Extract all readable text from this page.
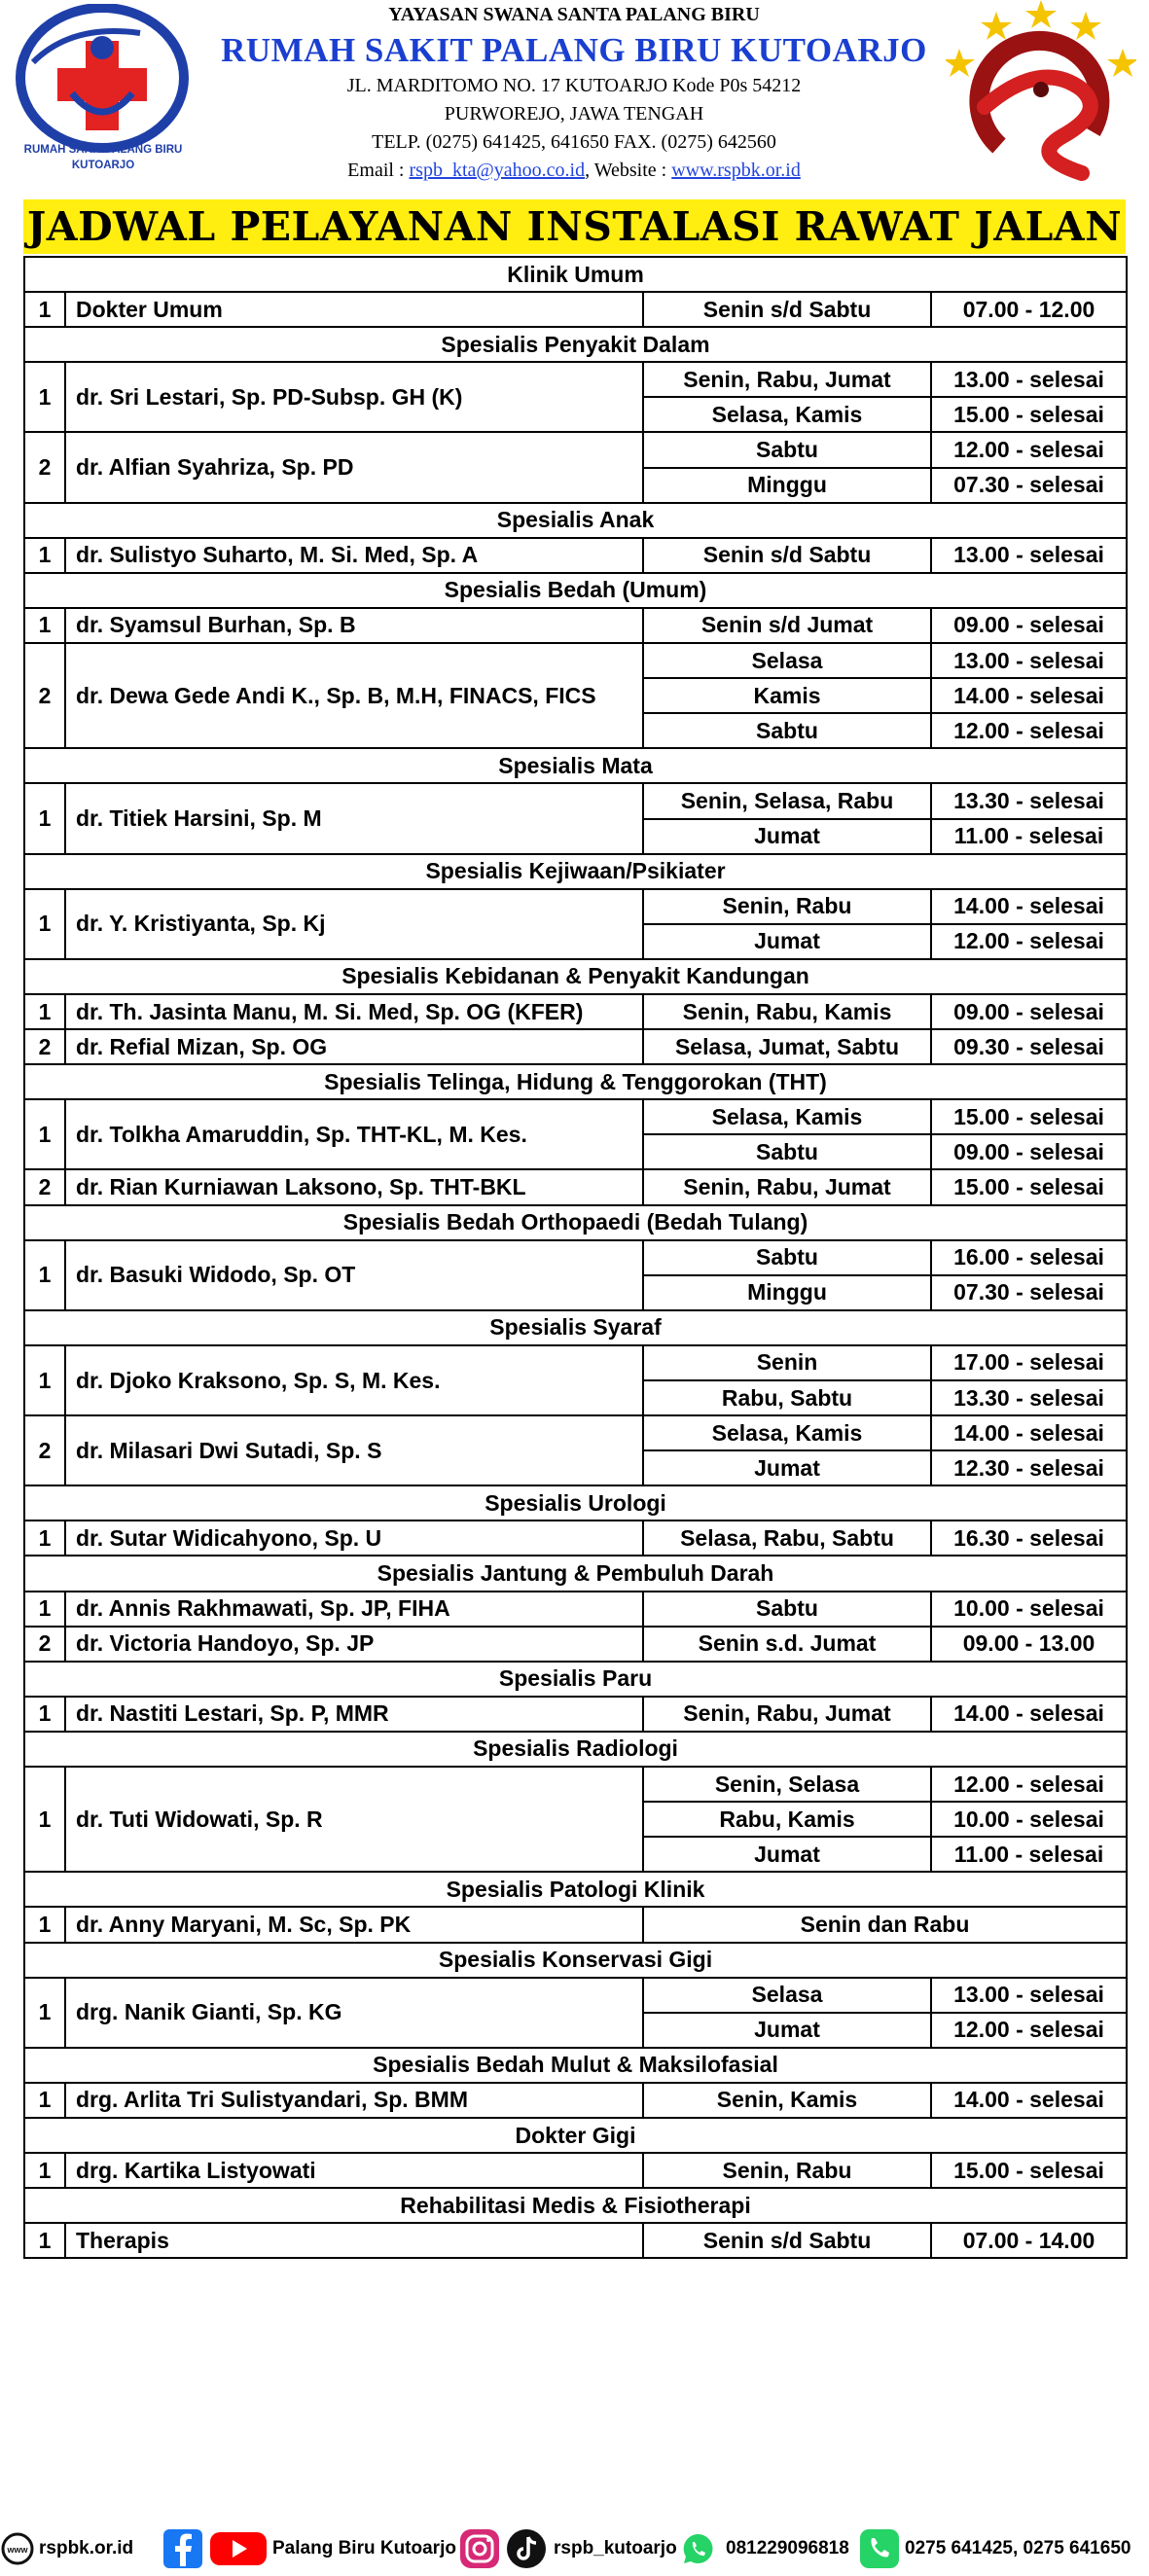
RUMAH SAKIT PALANG BIRU
KUTOARJO
YAYASAN SWANA SANTA PALANG BIRU
RUMAH SAKIT PALANG BIRU KUTOARJO
JL. MARDITOMO NO. 17 KUTOARJO Kode P0s 54212
PURWOREJO, JAWA TENGAH
TELP. (0275) 641425, 641650 FAX. (0275) 642560
Email : rspb_kta@yahoo.co.id, Website : www.rspbk.or.id
JADWAL PELAYANAN INSTALASI RAWAT JALAN
Klinik Umum			
1	Dokter Umum	Senin s/d Sabtu	07.00 - 12.00
Spesialis Penyakit Dalam			
1	dr. Sri Lestari, Sp. PD-Subsp. GH (K)	Senin, Rabu, Jumat	13.00 - selesai
		Selasa, Kamis	15.00 - selesai
2	dr. Alfian Syahriza, Sp. PD	Sabtu	12.00 - selesai
		Minggu	07.30 - selesai
Spesialis Anak			
1	dr. Sulistyo Suharto, M. Si. Med, Sp. A	Senin s/d Sabtu	13.00 - selesai
Spesialis Bedah (Umum)			
1	dr. Syamsul Burhan, Sp. B	Senin s/d Jumat	09.00 - selesai
2	dr. Dewa Gede Andi K., Sp. B, M.H, FINACS, FICS	Selasa	13.00 - selesai
		Kamis	14.00 - selesai
		Sabtu	12.00 - selesai
Spesialis Mata			
1	dr. Titiek Harsini, Sp. M	Senin, Selasa, Rabu	13.30 - selesai
		Jumat	11.00 - selesai
Spesialis Kejiwaan/Psikiater			
1	dr. Y. Kristiyanta, Sp. Kj	Senin, Rabu	14.00 - selesai
		Jumat	12.00 - selesai
Spesialis Kebidanan & Penyakit Kandungan			
1	dr. Th. Jasinta Manu, M. Si. Med, Sp. OG (KFER)	Senin, Rabu, Kamis	09.00 - selesai
2	dr. Refial Mizan, Sp. OG	Selasa, Jumat, Sabtu	09.30 - selesai
Spesialis Telinga, Hidung & Tenggorokan (THT)			
1	dr. Tolkha Amaruddin, Sp. THT-KL, M. Kes.	Selasa, Kamis	15.00 - selesai
		Sabtu	09.00 - selesai
2	dr. Rian Kurniawan Laksono, Sp. THT-BKL	Senin, Rabu, Jumat	15.00 - selesai
Spesialis Bedah Orthopaedi (Bedah Tulang)			
1	dr. Basuki Widodo, Sp. OT	Sabtu	16.00 - selesai
		Minggu	07.30 - selesai
Spesialis Syaraf			
1	dr. Djoko Kraksono, Sp. S, M. Kes.	Senin	17.00 - selesai
		Rabu, Sabtu	13.30 - selesai
2	dr. Milasari Dwi Sutadi, Sp. S	Selasa, Kamis	14.00 - selesai
		Jumat	12.30 - selesai
Spesialis Urologi			
1	dr. Sutar Widicahyono, Sp. U	Selasa, Rabu, Sabtu	16.30 - selesai
Spesialis Jantung & Pembuluh Darah			
1	dr. Annis Rakhmawati, Sp. JP, FIHA	Sabtu	10.00 - selesai
2	dr. Victoria Handoyo, Sp. JP	Senin s.d. Jumat	09.00 - 13.00
Spesialis Paru			
1	dr. Nastiti Lestari, Sp. P, MMR	Senin, Rabu, Jumat	14.00 - selesai
Spesialis Radiologi			
1	dr. Tuti Widowati, Sp. R	Senin, Selasa	12.00 - selesai
		Rabu, Kamis	10.00 - selesai
		Jumat	11.00 - selesai
Spesialis Patologi Klinik			
1	dr. Anny Maryani, M. Sc, Sp. PK	Senin dan Rabu	
Spesialis Konservasi Gigi			
1	drg. Nanik Gianti, Sp. KG	Selasa	13.00 - selesai
		Jumat	12.00 - selesai
Spesialis Bedah Mulut & Maksilofasial			
1	drg. Arlita Tri Sulistyandari, Sp. BMM	Senin, Kamis	14.00 - selesai
Dokter Gigi			
1	drg. Kartika Listyowati	Senin, Rabu	15.00 - selesai
Rehabilitasi Medis & Fisiotherapi			
1	Therapis	Senin s/d Sabtu	07.00 - 14.00
www rspbk.or.id	Palang Biru Kutoarjo	rspb_kutoarjo	081229096818	0275 641425, 0275 641650
